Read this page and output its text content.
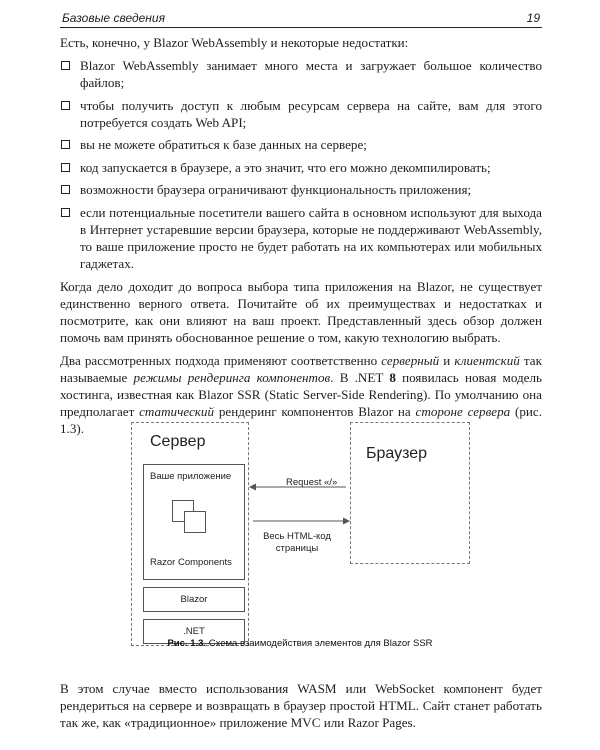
Базовые сведения	19

Есть, конечно, у Blazor WebAssembly и некоторые недостатки:

Blazor WebAssembly занимает много места и загружает большое количество файлов;
чтобы получить доступ к любым ресурсам сервера на сайте, вам для этого потребуется создать Web API;
вы не можете обратиться к базе данных на сервере;
код запускается в браузере, а это значит, что его можно декомпилировать;
возможности браузера ограничивают функциональность приложения;
если потенциальные посетители вашего сайта в основном используют для выхода в Интернет устаревшие версии браузера, которые не поддерживают WebAssembly, то ваше приложение просто не будет работать на их компьютерах или мобильных гаджетах.

Когда дело доходит до вопроса выбора типа приложения на Blazor, не существует единственно верного ответа. Почитайте об их преимуществах и недостатках и посмотрите, как они влияют на ваш проект. Представленный здесь обзор должен помочь вам принять обоснованное решение о том, какую технологию выбрать.

Два рассмотренных подхода применяют соответственно серверный и клиентский так называемые режимы рендеринга компонентов. В .NET 8 появилась новая модель хостинга, известная как Blazor SSR (Static Server-Side Rendering). По умолчанию она предполагает статический рендеринг компонентов Blazor на стороне сервера (рис. 1.3).

Сервер
Ваше приложение
Razor Components
Blazor
.NET
Браузер
Request «/»
Весь HTML-код
страницы
Рис. 1.3. Схема взаимодействия элементов для Blazor SSR
В этом случае вместо использования WASM или WebSocket компонент будет рендериться на сервере и возвращать в браузер простой HTML. Сайт станет работать так же, как «традиционное» приложение MVC или Razor Pages.
